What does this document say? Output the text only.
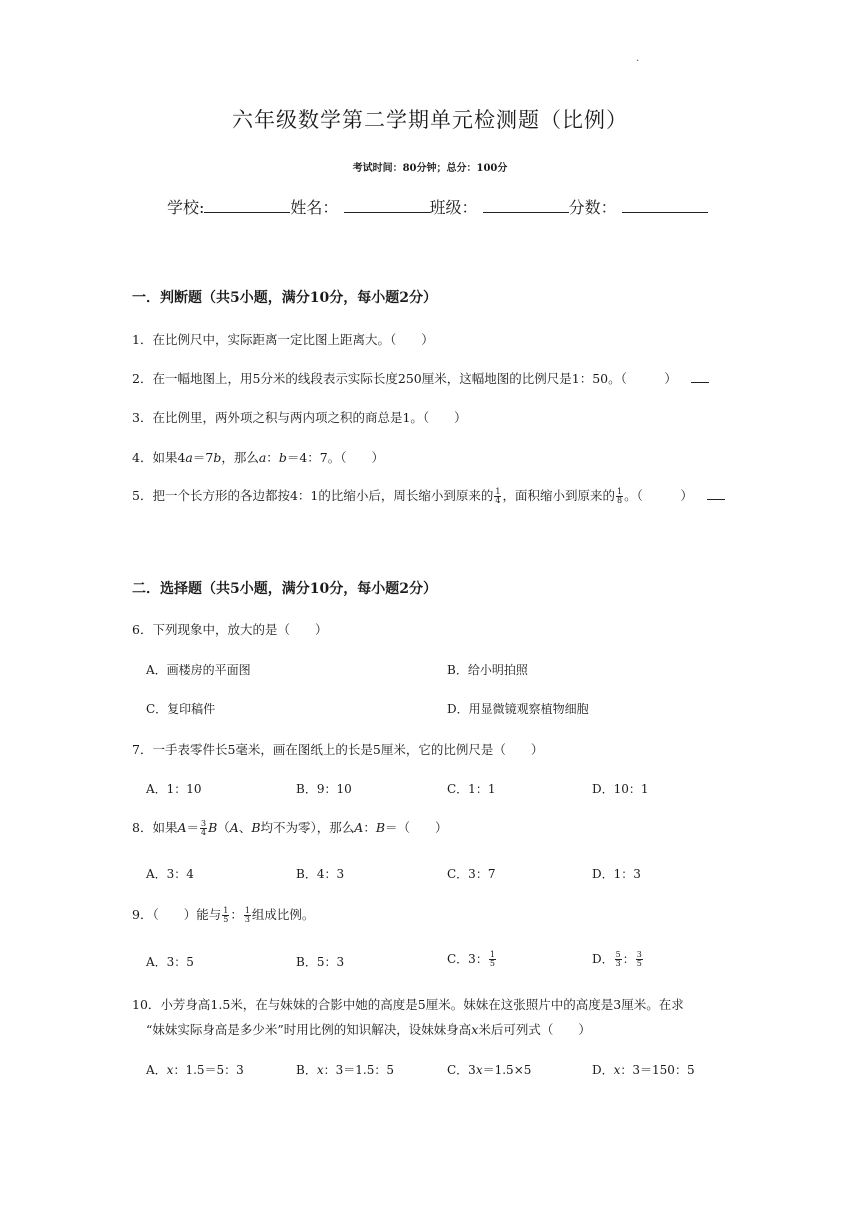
·
六年级数学第二学期单元检测题（比例）
考试时间：80分钟；总分：100分
学校:	姓名：	班级：	分数：
一．判断题（共5小题，满分10分，每小题2分）
1．在比例尺中，实际距离一定比图上距离大。（　　）
2．在一幅地图上，用5分米的线段表示实际长度250厘米，这幅地图的比例尺是1：50。（　　　）
3．在比例里，两外项之积与两内项之积的商总是1。（　　）
4．如果4a＝7b，那么a：b＝4：7。（　　）
5．把一个长方形的各边都按4：1的比缩小后，周长缩小到原来的 $\frac{1}{4}$ ，面积缩小到原来的 $\frac{1}{8}$ 。（　　　）
二．选择题（共5小题，满分10分，每小题2分）
6．下列现象中，放大的是（　　）
A．画楼房的平面图	B．给小明拍照
C．复印稿件	D．用显微镜观察植物细胞
7．一手表零件长5毫米，画在图纸上的长是5厘米，它的比例尺是（　　）
A．1：10	B．9：10	C．1：1	D．10：1
8．如果$A= \frac{3}{4} B(A$、B均不为零），那么A：B＝（　　）
A．3：4	B．4：3	C．3：7	D．1：3
9．（　　）能与 $\frac{1}{5}$ ： $\frac{1}{3}$ 组成比例。
A．3：5	B．5：3	C．3： $\frac{1}{5}$	D． $\frac{5}{3}$ ： $\frac{3}{5}$
10．小芳身高1.5米，在与妹妹的合影中她的高度是5厘米。妹妹在这张照片中的高度是3厘米。在求
“妹妹实际身高是多少米”时用比例的知识解决，设妹妹身高x米后可列式（　　）
A．x：1.5＝5：3	B．x：3＝1.5：5	C．3x＝1.5×5	D．x：3＝150：5
